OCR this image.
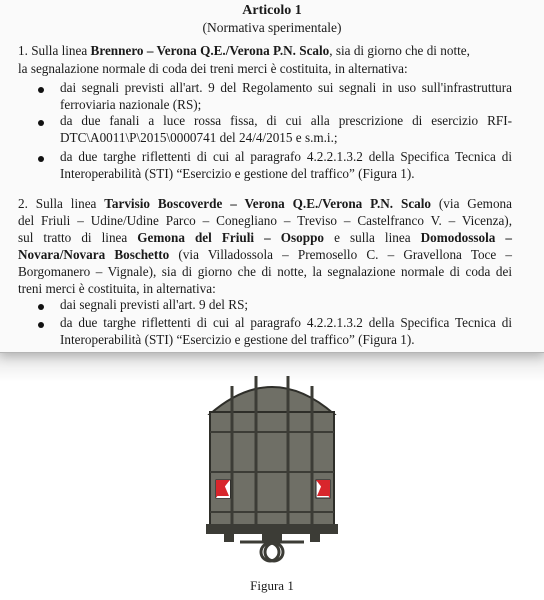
Articolo 1
(Normativa sperimentale)
1. Sulla linea Brennero – Verona Q.E./Verona P.N. Scalo, sia di giorno che di notte,
la segnalazione normale di coda dei treni merci è costituita, in alternativa:
dai segnali previsti all'art. 9 del Regolamento sui segnali in uso sull'infrastruttura
ferroviaria nazionale (RS);
da due fanali a luce rossa fissa, di cui alla prescrizione di esercizio RFI-
DTC\A0011\P\2015\0000741 del 24/4/2015 e s.m.i.;
da due targhe riflettenti di cui al paragrafo 4.2.2.1.3.2 della Specifica Tecnica di
Interoperabilità (STI) “Esercizio e gestione del traffico” (Figura 1).
2. Sulla linea Tarvisio Boscoverde – Verona Q.E./Verona P.N. Scalo (via Gemona
del Friuli – Udine/Udine Parco – Conegliano – Treviso – Castelfranco V. – Vicenza),
sul tratto di linea Gemona del Friuli – Osoppo e sulla linea Domodossola –
Novara/Novara Boschetto (via Villadossola – Premosello C. – Gravellona Toce –
Borgomanero – Vignale), sia di giorno che di notte, la segnalazione normale di coda dei
treni merci è costituita, in alternativa:
dai segnali previsti all'art. 9 del RS;
da due targhe riflettenti di cui al paragrafo 4.2.2.1.3.2 della Specifica Tecnica di
Interoperabilità (STI) “Esercizio e gestione del traffico” (Figura 1).
Figura 1
